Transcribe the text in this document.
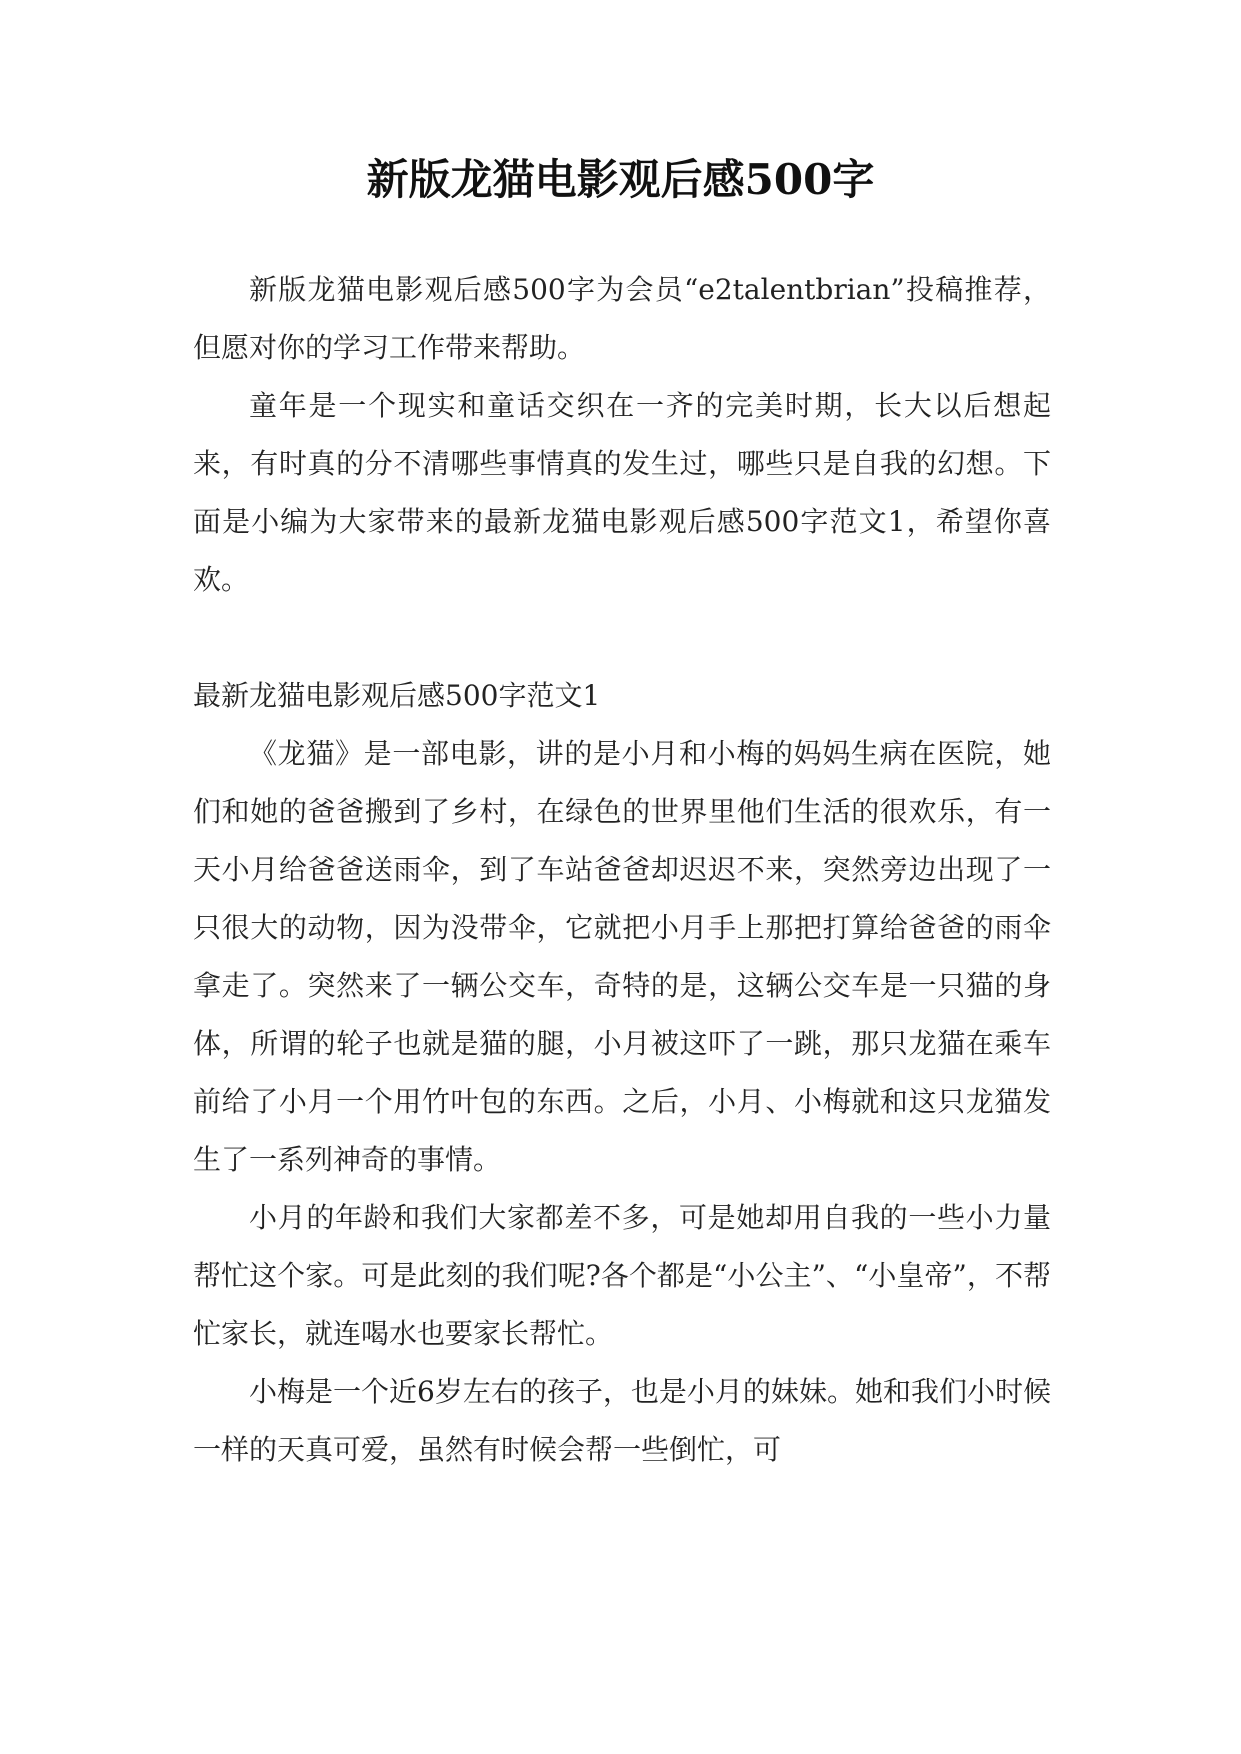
新版龙猫电影观后感500字

新版龙猫电影观后感500字为会员“e2talentbrian”投稿推荐，但愿对你的学习工作带来帮助。

童年是一个现实和童话交织在一齐的完美时期，长大以后想起来，有时真的分不清哪些事情真的发生过，哪些只是自我的幻想。下面是小编为大家带来的最新龙猫电影观后感500字范文1，希望你喜欢。

最新龙猫电影观后感500字范文1

《龙猫》是一部电影，讲的是小月和小梅的妈妈生病在医院，她们和她的爸爸搬到了乡村，在绿色的世界里他们生活的很欢乐，有一天小月给爸爸送雨伞，到了车站爸爸却迟迟不来，突然旁边出现了一只很大的动物，因为没带伞，它就把小月手上那把打算给爸爸的雨伞拿走了。突然来了一辆公交车，奇特的是，这辆公交车是一只猫的身体，所谓的轮子也就是猫的腿，小月被这吓了一跳，那只龙猫在乘车前给了小月一个用竹叶包的东西。之后，小月、小梅就和这只龙猫发生了一系列神奇的事情。

小月的年龄和我们大家都差不多，可是她却用自我的一些小力量帮忙这个家。可是此刻的我们呢?各个都是“小公主”、“小皇帝”，不帮忙家长，就连喝水也要家长帮忙。

小梅是一个近6岁左右的孩子，也是小月的妹妹。她和我们小时候一样的天真可爱，虽然有时候会帮一些倒忙，可
